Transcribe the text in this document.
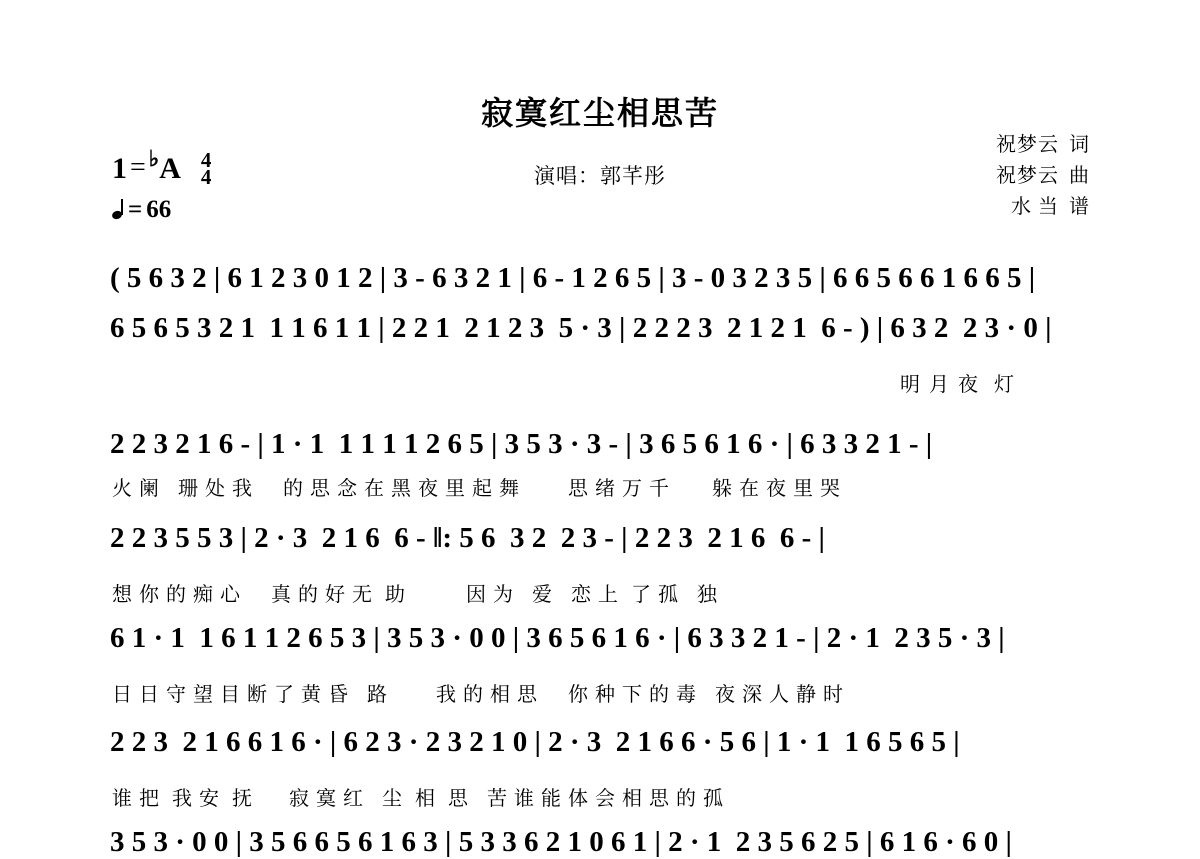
寂寞红尘相思苦
演唱：郭芊彤
祝梦云 词
祝梦云 曲
水 当 谱
1 = ♭ A 4
4
= 66
( 5 6 3 2 | 6 1 2 3 0 1 2 | 3 - 6 3 2 1 | 6 - 1 2 6 5 | 3 - 0 3 2 3 5 | 6 6 5 6 6 1 6 6 5 |
6 5 6 5 3 2 1  1 1 6 1 1 | 2 2 1  2 1 2 3  5 · 3 | 2 2 2 3  2 1 2 1  6 - ) | 6 3 2  2 3 · 0 |
2 2 3 2 1 6 - | 1 · 1  1 1 1 1 2 6 5 | 3 5 3 · 3 - | 3 6 5 6 1 6 · | 6 3 3 2 1 - |
2 2 3 5 5 3 | 2 · 3  2 1 6  6 - ‖: 5 6  3 2  2 3 - | 2 2 3  2 1 6  6 - |
6 1 · 1  1 6 1 1 2 6 5 3 | 3 5 3 · 0 0 | 3 6 5 6 1 6 · | 6 3 3 2 1 - | 2 · 1  2 3 5 · 3 |
2 2 3  2 1 6 6 1 6 · | 6 2 3 · 2 3 2 1 0 | 2 · 3  2 1 6 6 · 5 6 | 1 · 1  1 6 5 6 5 |
3 5 3 · 0 0 | 3 5 6 6 5 6 1 6 3 | 5 3 3 6 2 1 0 6 1 | 2 · 1  2 3 5 6 2 5 | 6 1 6 · 6 0 |
明 月 夜  灯
火 阑   珊 处 我     的 思 念 在 黑 夜 里 起 舞        思 绪 万 千       躲 在 夜 里 哭
想 你 的 痴 心     真 的 好 无  助          因 为   爱   恋 上  了 孤   独
日 日 守 望 目 断 了 黄 昏   路        我 的 相 思     你 种 下 的 毒   夜 深 人 静 时
谁 把  我 安  抚      寂 寞 红   尘  相  思   苦 谁 能 体 会 相 思 的 孤
